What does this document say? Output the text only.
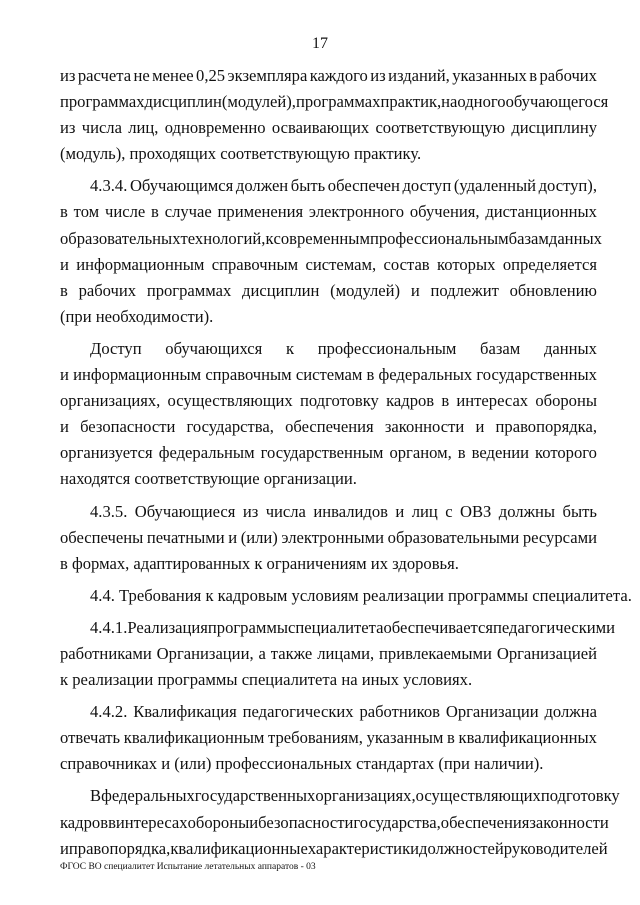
17
из расчета не менее 0,25 экземпляра каждого из изданий, указанных в рабочих
программах дисциплин (модулей), программах практик, на одного обучающегося
из числа лиц, одновременно осваивающих соответствующую дисциплину
(модуль), проходящих соответствующую практику.
4.3.4. Обучающимся должен быть обеспечен доступ (удаленный доступ),
в том числе в случае применения электронного обучения, дистанционных
образовательных технологий, к современным профессиональным базам данных
и информационным справочным системам, состав которых определяется
в рабочих программах дисциплин (модулей) и подлежит обновлению
(при необходимости).
Доступ обучающихся к профессиональным базам данных
и информационным справочным системам в федеральных государственных
организациях, осуществляющих подготовку кадров в интересах обороны
и безопасности государства, обеспечения законности и правопорядка,
организуется федеральным государственным органом, в ведении которого
находятся соответствующие организации.
4.3.5. Обучающиеся из числа инвалидов и лиц с ОВЗ должны быть
обеспечены печатными и (или) электронными образовательными ресурсами
в формах, адаптированных к ограничениям их здоровья.
4.4. Требования к кадровым условиям реализации программы специалитета.
4.4.1. Реализация программы специалитета обеспечивается педагогическими
работниками Организации, а также лицами, привлекаемыми Организацией
к реализации программы специалитета на иных условиях.
4.4.2. Квалификация педагогических работников Организации должна
отвечать квалификационным требованиям, указанным в квалификационных
справочниках и (или) профессиональных стандартах (при наличии).
В федеральных государственных организациях, осуществляющих подготовку
кадров в интересах обороны и безопасности государства, обеспечения законности
и правопорядка, квалификационные характеристики должностей руководителей
ФГОС ВО специалитет Испытание летательных аппаратов - 03
